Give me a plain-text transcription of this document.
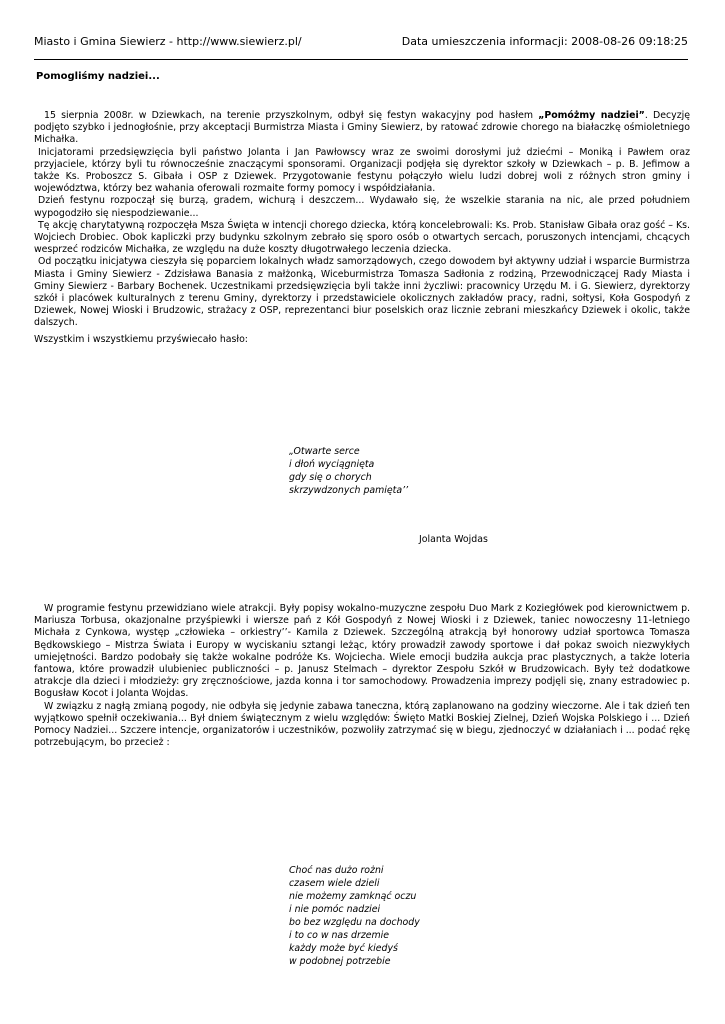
Miasto i Gmina Siewierz - http://www.siewierz.pl/	Data umieszczenia informacji: 2008-08-26 09:18:25
Pomogliśmy nadziei...

15 sierpnia 2008r. w Dziewkach, na terenie przyszkolnym, odbył się festyn wakacyjny pod hasłem „Pomóżmy nadziei”. Decyzję podjęto szybko i jednogłośnie, przy akceptacji Burmistrza Miasta i Gminy Siewierz, by ratować zdrowie chorego na białaczkę ośmioletniego Michałka.

Inicjatorami przedsięwzięcia byli państwo Jolanta i Jan Pawłowscy wraz ze swoimi dorosłymi już dziećmi – Moniką i Pawłem oraz przyjaciele, którzy byli tu równocześnie znaczącymi sponsorami. Organizacji podjęła się dyrektor szkoły w Dziewkach – p. B. Jefimow a także Ks. Proboszcz S. Gibała i OSP z Dziewek. Przygotowanie festynu połączyło wielu ludzi dobrej woli z różnych stron gminy i województwa, którzy bez wahania oferowali rozmaite formy pomocy i współdziałania.

Dzień festynu rozpoczął się burzą, gradem, wichurą i deszczem... Wydawało się, że wszelkie starania na nic, ale przed południem wypogodziło się niespodziewanie...

Tę akcję charytatywną rozpoczęła Msza Święta w intencji chorego dziecka, którą koncelebrowali: Ks. Prob. Stanisław Gibała oraz gość – Ks. Wojciech Drobiec. Obok kapliczki przy budynku szkolnym zebrało się sporo osób o otwartych sercach, poruszonych intencjami, chcących wesprzeć rodziców Michałka, ze względu na duże koszty długotrwałego leczenia dziecka.

Od początku inicjatywa cieszyła się poparciem lokalnych władz samorządowych, czego dowodem był aktywny udział i wsparcie Burmistrza Miasta i Gminy Siewierz - Zdzisława Banasia z małżonką, Wiceburmistrza Tomasza Sadłonia z rodziną, Przewodniczącej Rady Miasta i Gminy Siewierz - Barbary Bochenek. Uczestnikami przedsięwzięcia byli także inni życzliwi: pracownicy Urzędu M. i G. Siewierz, dyrektorzy szkół i placówek kulturalnych z terenu Gminy, dyrektorzy i przedstawiciele okolicznych zakładów pracy, radni, sołtysi, Koła Gospodyń z Dziewek, Nowej Wioski i Brudzowic, strażacy z OSP, reprezentanci biur poselskich oraz licznie zebrani mieszkańcy Dziewek i okolic, także dalszych.

Wszystkim i wszystkiemu przyświecało hasło:
„Otwarte serce
i dłoń wyciągnięta
gdy się o chorych
skrzywdzonych pamięta’’
Jolanta Wojdas

W programie festynu przewidziano wiele atrakcji. Były popisy wokalno-muzyczne zespołu Duo Mark z Koziegłówek pod kierownictwem p. Mariusza Torbusa, okazjonalne przyśpiewki i wiersze pań z Kół Gospodyń z Nowej Wioski i z Dziewek, taniec nowoczesny 11-letniego Michała z Cynkowa, występ „człowieka – orkiestry’’- Kamila z Dziewek. Szczególną atrakcją był honorowy udział sportowca Tomasza Będkowskiego – Mistrza Świata i Europy w wyciskaniu sztangi leżąc, który prowadził zawody sportowe i dał pokaz swoich niezwykłych umiejętności. Bardzo podobały się także wokalne podróże Ks. Wojciecha. Wiele emocji budziła aukcja prac plastycznych, a także loteria fantowa, które prowadził ulubieniec publiczności – p. Janusz Stelmach – dyrektor Zespołu Szkół w Brudzowicach. Były też dodatkowe atrakcje dla dzieci i młodzieży: gry zręcznościowe, jazda konna i tor samochodowy. Prowadzenia imprezy podjęli się, znany estradowiec p. Bogusław Kocot i Jolanta Wojdas.

W związku z nagłą zmianą pogody, nie odbyła się jedynie zabawa taneczna, którą zaplanowano na godziny wieczorne. Ale i tak dzień ten wyjątkowo spełnił oczekiwania... Był dniem świątecznym z wielu względów: Święto Matki Boskiej Zielnej, Dzień Wojska Polskiego i ... Dzień Pomocy Nadziei... Szczere intencje, organizatorów i uczestników, pozwoliły zatrzymać się w biegu, zjednoczyć w działaniach i ... podać rękę potrzebującym, bo przecież :

Choć nas dużo rożni
czasem wiele dzieli
nie możemy zamknąć oczu
i nie pomóc nadziei
bo bez względu na dochody
i to co w nas drzemie
każdy może być kiedyś
w podobnej potrzebie
